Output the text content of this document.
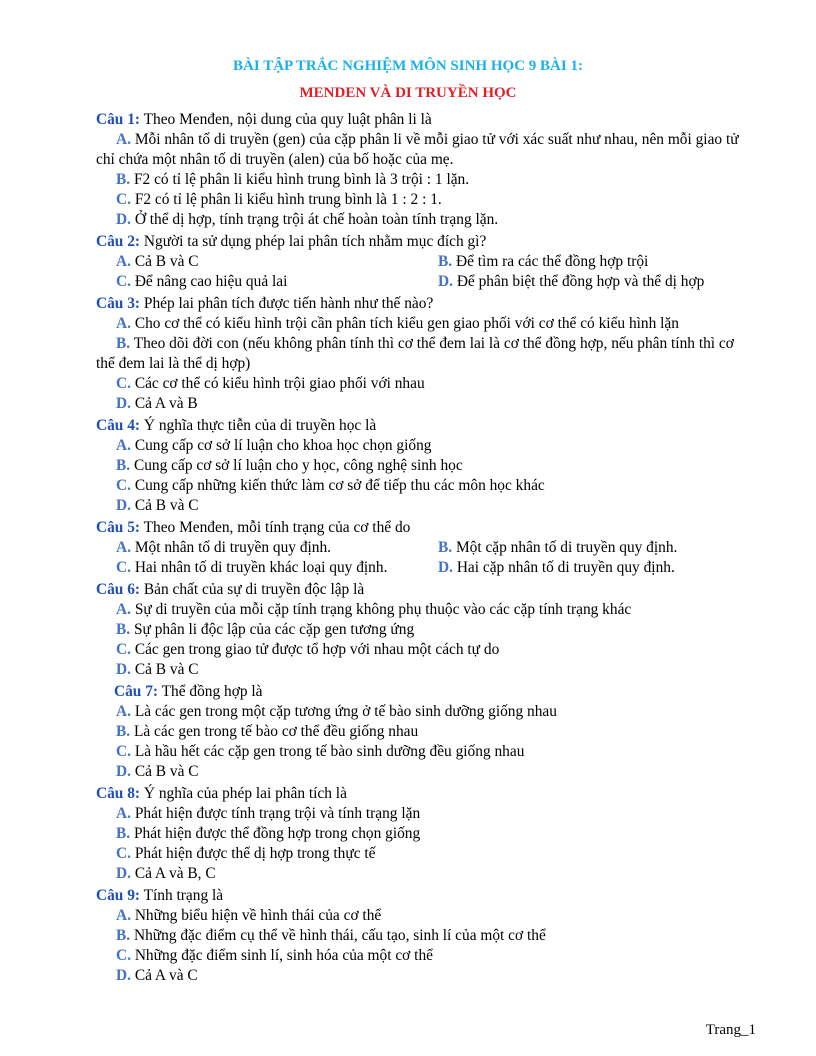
BÀI TẬP TRẮC NGHIỆM MÔN SINH HỌC 9 BÀI 1:
MENDEN VÀ DI TRUYỀN HỌC
Câu 1: Theo Menđen, nội dung của quy luật phân li là
A. Mỗi nhân tố di truyền (gen) của cặp phân li về mỗi giao tử với xác suất như nhau, nên mỗi giao tử chỉ chứa một nhân tố di truyền (alen) của bố hoặc của mẹ.
B. F2 có tỉ lệ phân li kiểu hình trung bình là 3 trội : 1 lặn.
C. F2 có tỉ lệ phân li kiểu hình trung bình là 1 : 2 : 1.
D. Ở thể dị hợp, tính trạng trội át chế hoàn toàn tính trạng lặn.
Câu 2: Người ta sử dụng phép lai phân tích nhằm mục đích gì?
A. Cả B và C	B. Để tìm ra các thể đồng hợp trội
C. Để nâng cao hiệu quả lai	D. Để phân biệt thể đồng hợp và thể dị hợp
Câu 3: Phép lai phân tích được tiến hành như thế nào?
A. Cho cơ thể có kiểu hình trội cần phân tích kiểu gen giao phối với cơ thể có kiểu hình lặn
B. Theo dõi đời con (nếu không phân tính thì cơ thể đem lai là cơ thể đồng hợp, nếu phân tính thì cơ thể đem lai là thể dị hợp)
C. Các cơ thể có kiểu hình trội giao phối với nhau
D. Cả A và B
Câu 4: Ý nghĩa thực tiễn của di truyền học là
A. Cung cấp cơ sở lí luận cho khoa học chọn giống
B. Cung cấp cơ sở lí luận cho y học, công nghệ sinh học
C. Cung cấp những kiến thức làm cơ sở để tiếp thu các môn học khác
D. Cả B và C
Câu 5: Theo Menđen, mỗi tính trạng của cơ thể do
A. Một nhân tố di truyền quy định.	B. Một cặp nhân tố di truyền quy định.
C. Hai nhân tố di truyền khác loại quy định.	D. Hai cặp nhân tố di truyền quy định.
Câu 6: Bản chất của sự di truyền độc lập là
A. Sự di truyền của mỗi cặp tính trạng không phụ thuộc vào các cặp tính trạng khác
B. Sự phân li độc lập của các cặp gen tương ứng
C. Các gen trong giao tử được tổ hợp với nhau một cách tự do
D. Cả B và C
Câu 7: Thể đồng hợp là
A. Là các gen trong một cặp tương ứng ở tế bào sinh dưỡng giống nhau
B. Là các gen trong tế bào cơ thể đều giống nhau
C. Là hầu hết các cặp gen trong tế bào sinh dưỡng đều giống nhau
D. Cả B và C
Câu 8: Ý nghĩa của phép lai phân tích là
A. Phát hiện được tính trạng trội và tính trạng lặn
B. Phát hiện được thể đồng hợp trong chọn giống
C. Phát hiện được thể dị hợp trong thực tế
D. Cả A và B, C
Câu 9: Tính trạng là
A. Những biểu hiện về hình thái của cơ thể
B. Những đặc điểm cụ thể về hình thái, cấu tạo, sinh lí của một cơ thể
C. Những đặc điểm sinh lí, sinh hóa của một cơ thể
D. Cả A và C
Trang_1
